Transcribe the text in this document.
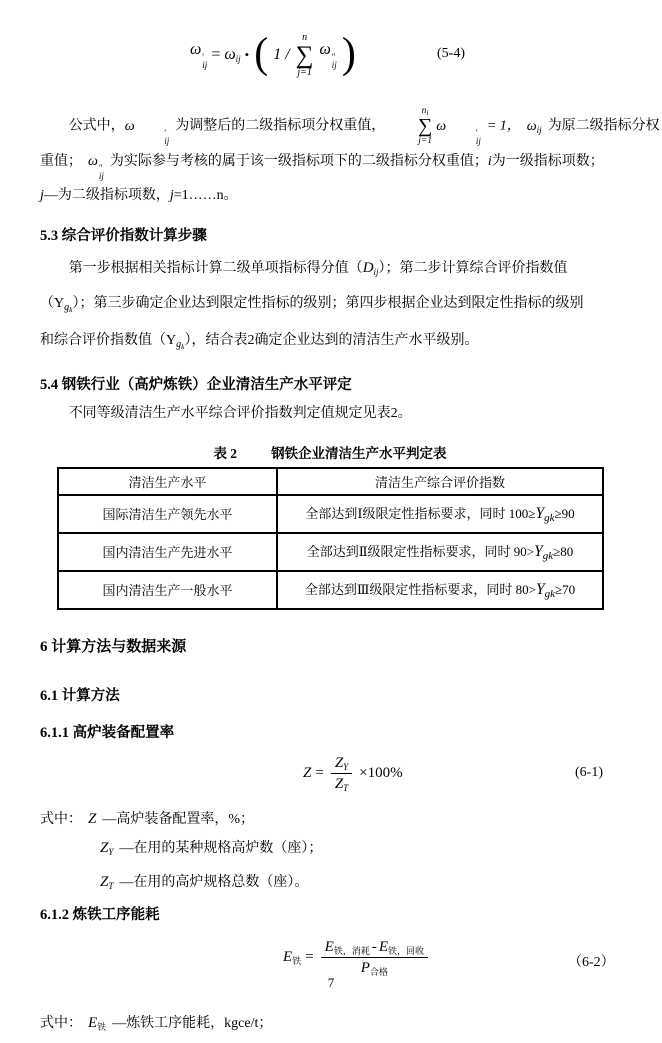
ω ′
ij
= ωij • ( 1 /
n
∑
j=1
ω ″
ij )	(5-4)
公式中，ω	′
ij
为调整后的二级指标项分权重值，
$n_i$
∑
j=1
ω	′
ij
= 1， $\omega_{ij}$ 为原二级指标分权
重值； ω ″
ij
为实际参与考核的属于该一级指标项下的二级指标分权重值；i为一级指标项数；
j—为二级指标项数，j=1……n。
5.3 综合评价指数计算步骤
第一步根据相关指标计算二级单项指标得分值$(D_{ij})$；第二步计算综合评价指数值
$(Y_{gk})$；第三步确定企业达到限定性指标的级别；第四步根据企业达到限定性指标的级别
和综合评价指数值$(Y_{gk})$，结合表2确定企业达到的清洁生产水平级别。
5.4 钢铁行业（高炉炼铁）企业清洁生产水平评定
不同等级清洁生产水平综合评价指数判定值规定见表2。
表 2	钢铁企业清洁生产水平判定表
清洁生产水平	清洁生产综合评价指数
国际清洁生产领先水平	全部达到Ⅰ级限定性指标要求，同时 $100\ge Y_{gk}\ge 90$
国内清洁生产先进水平	全部达到Ⅱ级限定性指标要求，同时 $90>Y_{gk}\ge 80$
国内清洁生产一般水平	全部达到Ⅲ级限定性指标要求，同时 $80>Y_{gk}\ge 70$
6 计算方法与数据来源
6.1 计算方法
6.1.1 高炉装备配置率
$Z = \frac{Z_Y}{Z_T} \times 100\%$	(6-1)
式中： Z —高炉装备配置率，%；
$Z_Y$ —在用的某种规格高炉数（座）；
$Z_T$ —在用的高炉规格总数（座）。
6.1.2 炼铁工序能耗
$E_铁 = \frac{E_{铁,消耗} - E_{铁,回收}}{P_{合格}}$	（6-2）
式中： $E_铁$ —炼铁工序能耗，kgce/t；
7
